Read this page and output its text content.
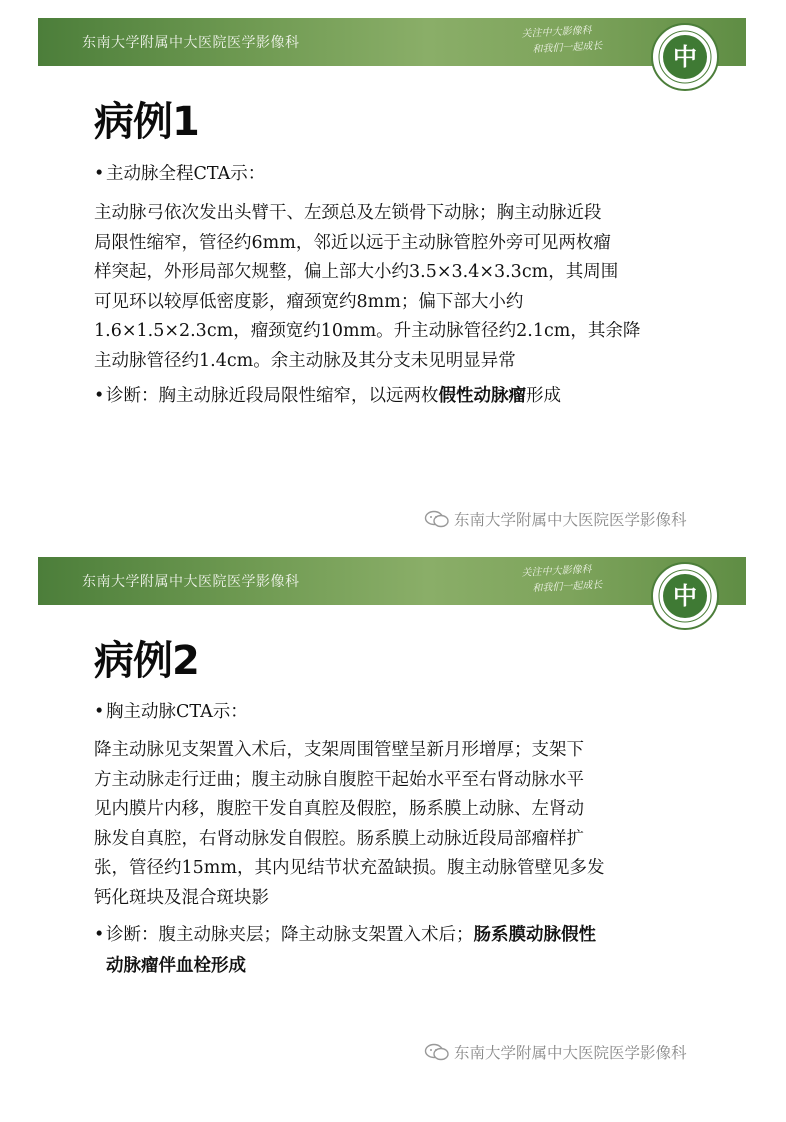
东南大学附属中大医院医学影像科
关注中大影像科
和我们一起成长	中
病例1
•主动脉全程CTA示：
主动脉弓依次发出头臂干、左颈总及左锁骨下动脉；胸主动脉近段
局限性缩窄，管径约6mm，邻近以远于主动脉管腔外旁可见两枚瘤
样突起，外形局部欠规整，偏上部大小约3.5×3.4×3.3cm，其周围
可见环以较厚低密度影，瘤颈宽约8mm；偏下部大小约
1.6×1.5×2.3cm，瘤颈宽约10mm。升主动脉管径约2.1cm，其余降
主动脉管径约1.4cm。余主动脉及其分支未见明显异常
•诊断：胸主动脉近段局限性缩窄，以远两枚假性动脉瘤形成
东南大学附属中大医院医学影像科
东南大学附属中大医院医学影像科
关注中大影像科
和我们一起成长	中
病例2
•胸主动脉CTA示：
降主动脉见支架置入术后，支架周围管壁呈新月形增厚；支架下
方主动脉走行迂曲；腹主动脉自腹腔干起始水平至右肾动脉水平
见内膜片内移，腹腔干发自真腔及假腔，肠系膜上动脉、左肾动
脉发自真腔，右肾动脉发自假腔。肠系膜上动脉近段局部瘤样扩
张，管径约15mm，其内见结节状充盈缺损。腹主动脉管壁见多发
钙化斑块及混合斑块影
•诊断：腹主动脉夹层；降主动脉支架置入术后；肠系膜动脉假性
动脉瘤伴血栓形成
东南大学附属中大医院医学影像科
